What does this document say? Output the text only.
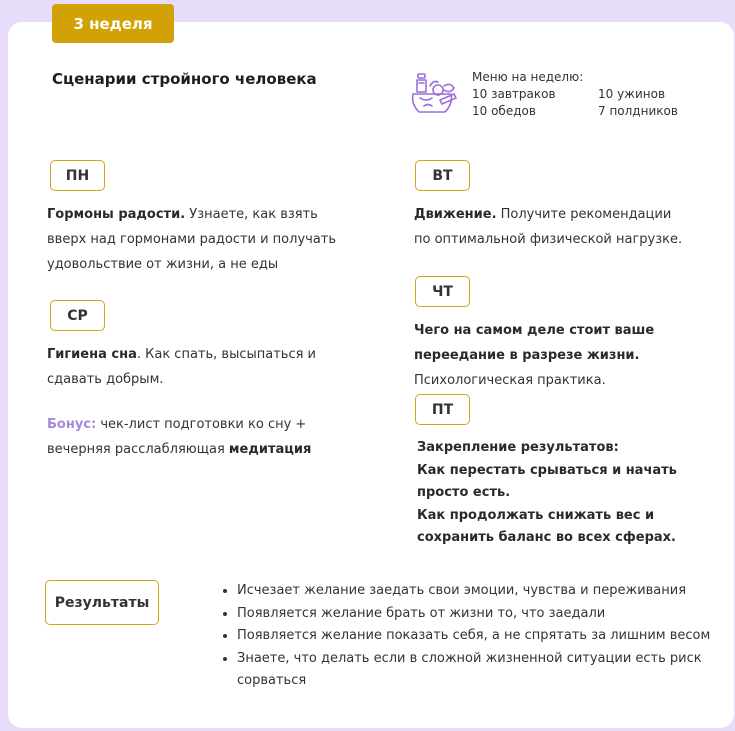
3 неделя
Сценарии стройного человека	Меню на неделю:
10 завтраков	10 ужинов
10 обедов	7 полдников
ПН
Гормоны радости. Узнаете, как взять
вверх над гормонами радости и получать
удовольствие от жизни, а не еды
СР
Гигиена сна. Как спать, высыпаться и
сдавать добрым.
Бонус: чек-лист подготовки ко сну +
вечерняя расслабляющая медитация
ВТ
Движение. Получите рекомендации
по оптимальной физической нагрузке.
ЧТ
Чего на самом деле стоит ваше
переедание в разрезе жизни.
Психологическая практика.
ПТ
Закрепление результатов:
Как перестать срываться и начать
просто есть.
Как продолжать снижать вес и
сохранить баланс во всех сферах.
Результаты
• Исчезает желание заедать свои эмоции, чувства и переживания
• Появляется желание брать от жизни то, что заедали
• Появляется желание показать себя, а не спрятать за лишним весом
• Знаете, что делать если в сложной жизненной ситуации есть риск сорваться
